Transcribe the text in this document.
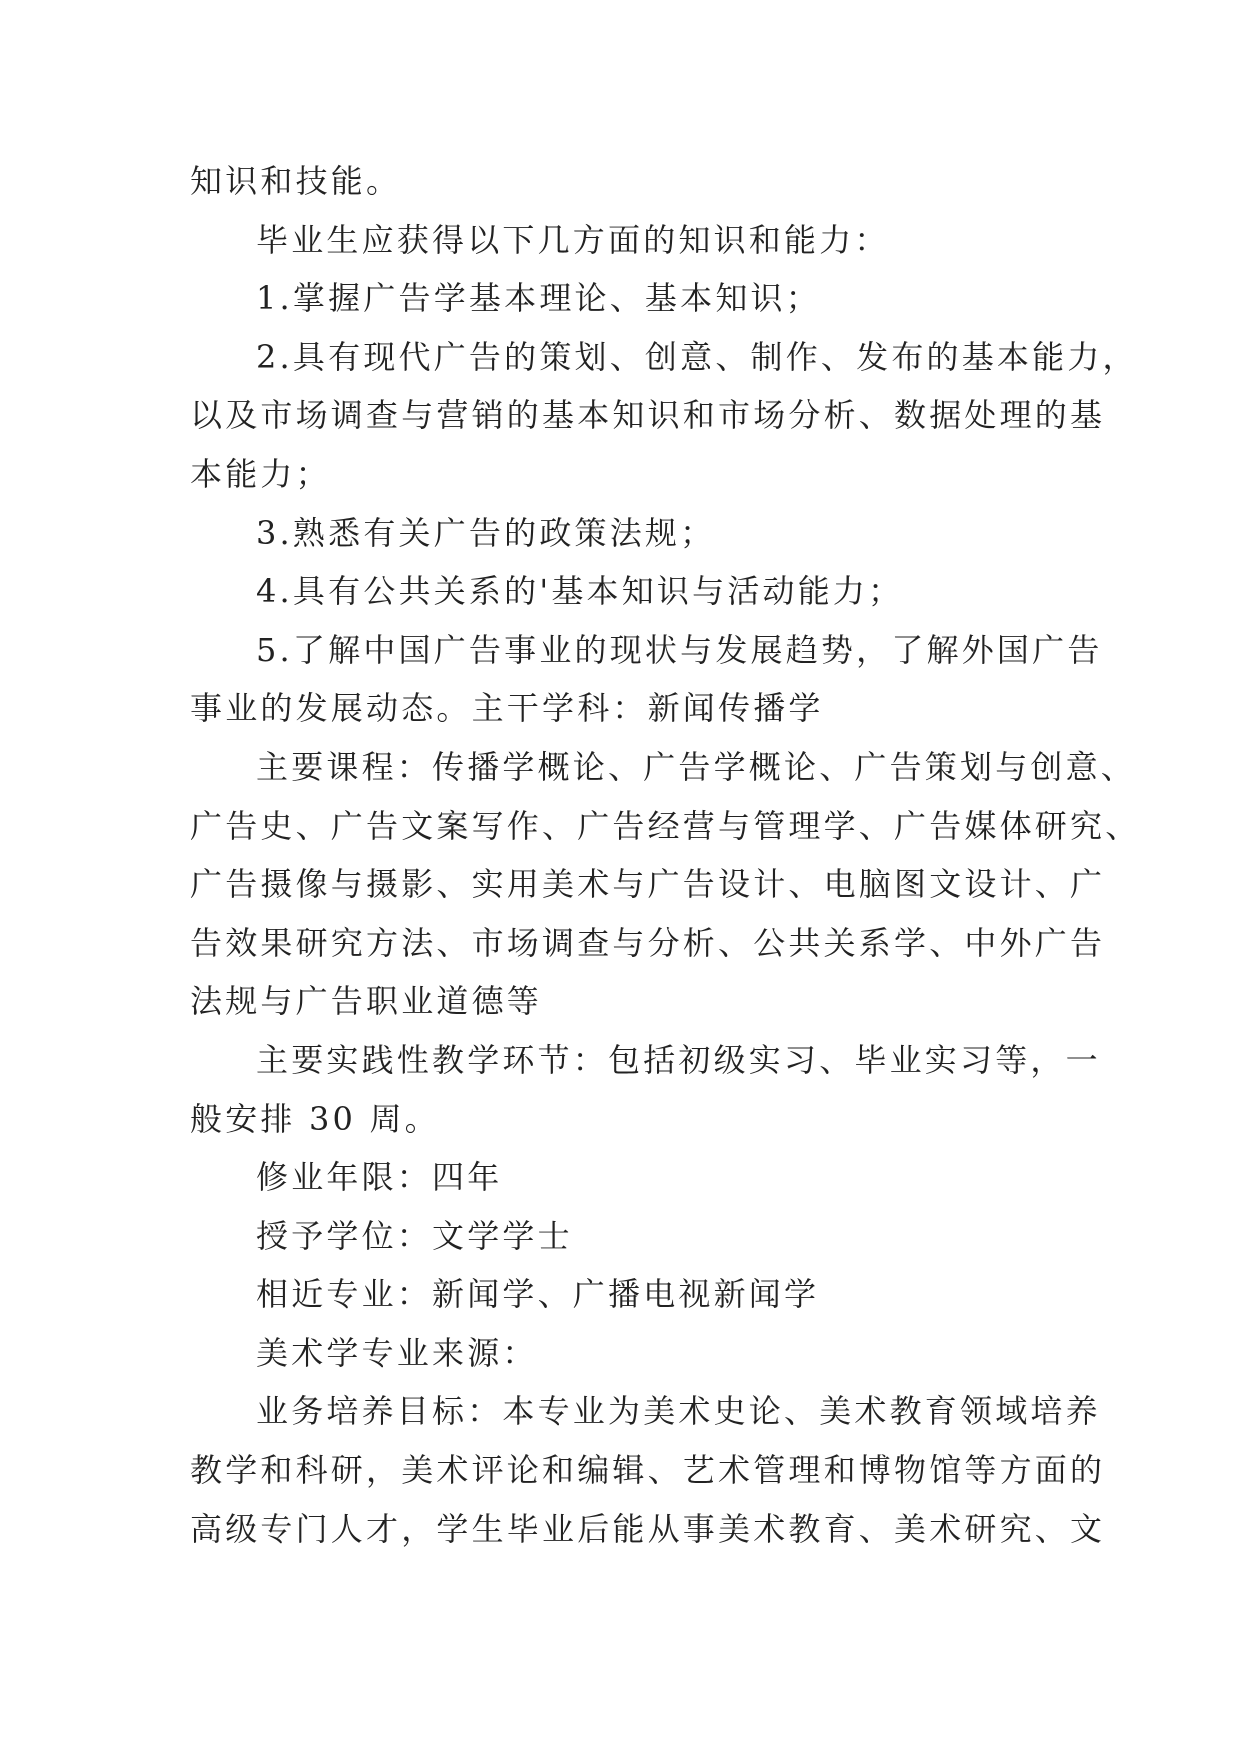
知识和技能。
毕业生应获得以下几方面的知识和能力：
1.掌握广告学基本理论、基本知识；
2.具有现代广告的策划、创意、制作、发布的基本能力，
以及市场调查与营销的基本知识和市场分析、数据处理的基
本能力；
3.熟悉有关广告的政策法规；
4.具有公共关系的'基本知识与活动能力；
5.了解中国广告事业的现状与发展趋势，了解外国广告
事业的发展动态。主干学科：新闻传播学
主要课程：传播学概论、广告学概论、广告策划与创意、
广告史、广告文案写作、广告经营与管理学、广告媒体研究、
广告摄像与摄影、实用美术与广告设计、电脑图文设计、广
告效果研究方法、市场调查与分析、公共关系学、中外广告
法规与广告职业道德等
主要实践性教学环节：包括初级实习、毕业实习等，一
般安排 30 周。
修业年限：四年
授予学位：文学学士
相近专业：新闻学、广播电视新闻学
美术学专业来源：
业务培养目标：本专业为美术史论、美术教育领域培养
教学和科研，美术评论和编辑、艺术管理和博物馆等方面的
高级专门人才，学生毕业后能从事美术教育、美术研究、文
